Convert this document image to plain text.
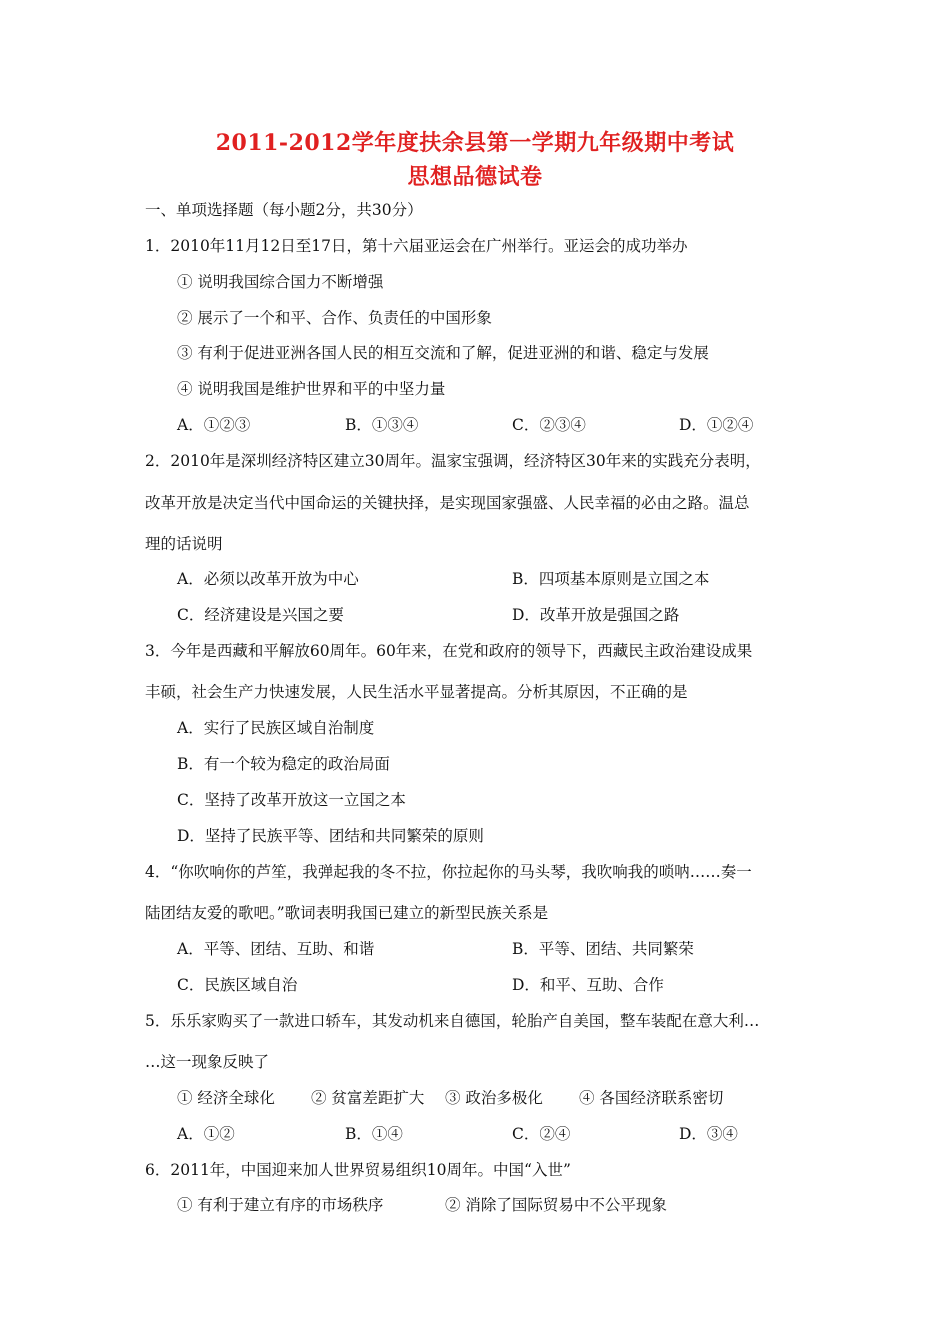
2011-2012学年度扶余县第一学期九年级期中考试
思想品德试卷
一、单项选择题（每小题2分，共30分）
1．2010年11月12日至17日，第十六届亚运会在广州举行。亚运会的成功举办
① 说明我国综合国力不断增强
② 展示了一个和平、合作、负责任的中国形象
③ 有利于促进亚洲各国人民的相互交流和了解，促进亚洲的和谐、稳定与发展
④ 说明我国是维护世界和平的中坚力量
A．①②③	B．①③④	C．②③④	D．①②④
2．2010年是深圳经济特区建立30周年。温家宝强调，经济特区30年来的实践充分表明，
改革开放是决定当代中国命运的关键抉择，是实现国家强盛、人民幸福的必由之路。温总
理的话说明
A．必须以改革开放为中心	B．四项基本原则是立国之本
C．经济建设是兴国之要	D．改革开放是强国之路
3．今年是西藏和平解放60周年。60年来，在党和政府的领导下，西藏民主政治建设成果
丰硕，社会生产力快速发展，人民生活水平显著提高。分析其原因，不正确的是
A．实行了民族区域自治制度
B．有一个较为稳定的政治局面
C．坚持了改革开放这一立国之本
D．坚持了民族平等、团结和共同繁荣的原则
4．“你吹响你的芦笙，我弹起我的冬不拉，你拉起你的马头琴，我吹响我的唢呐……奏一
陆团结友爱的歌吧。”歌词表明我国已建立的新型民族关系是
A．平等、团结、互助、和谐	B．平等、团结、共同繁荣
C．民族区域自治	D．和平、互助、合作
5．乐乐家购买了一款进口轿车，其发动机来自德国，轮胎产自美国，整车装配在意大利…
…这一现象反映了
① 经济全球化 ② 贫富差距扩大 ③ 政治多极化 ④ 各国经济联系密切
A．①②	B．①④	C．②④	D．③④
6．2011年，中国迎来加人世界贸易组织10周年。中国“入世”
① 有利于建立有序的市场秩序	② 消除了国际贸易中不公平现象
